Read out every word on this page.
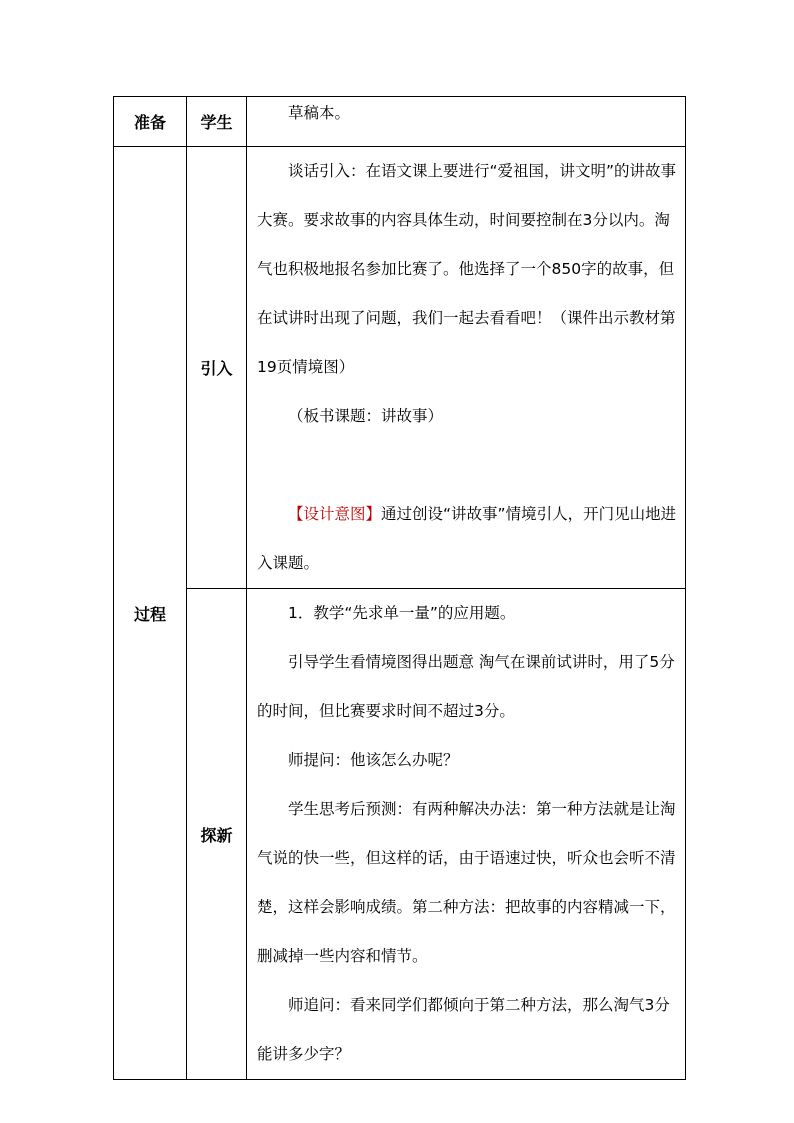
准备	学生	草稿本。

过程	引入	谈话引入：在语文课上要进行“爱祖国，讲文明”的讲故事大赛。要求故事的内容具体生动，时间要控制在3分以内。淘气也积极地报名参加比赛了。他选择了一个850字的故事，但在试讲时出现了问题，我们一起去看看吧！（课件出示教材第19页情境图）

（板书课题：讲故事）

【设计意图】通过创设“讲故事”情境引人，开门见山地进入课题。

	探新	1．教学“先求单一量”的应用题。

引导学生看情境图得出题意 淘气在课前试讲时，用了5分的时间，但比赛要求时间不超过3分。

师提问：他该怎么办呢？

学生思考后预测：有两种解决办法：第一种方法就是让淘气说的快一些，但这样的话，由于语速过快，听众也会听不清楚，这样会影响成绩。第二种方法：把故事的内容精减一下，删减掉一些内容和情节。

师追问：看来同学们都倾向于第二种方法，那么淘气3分能讲多少字？
